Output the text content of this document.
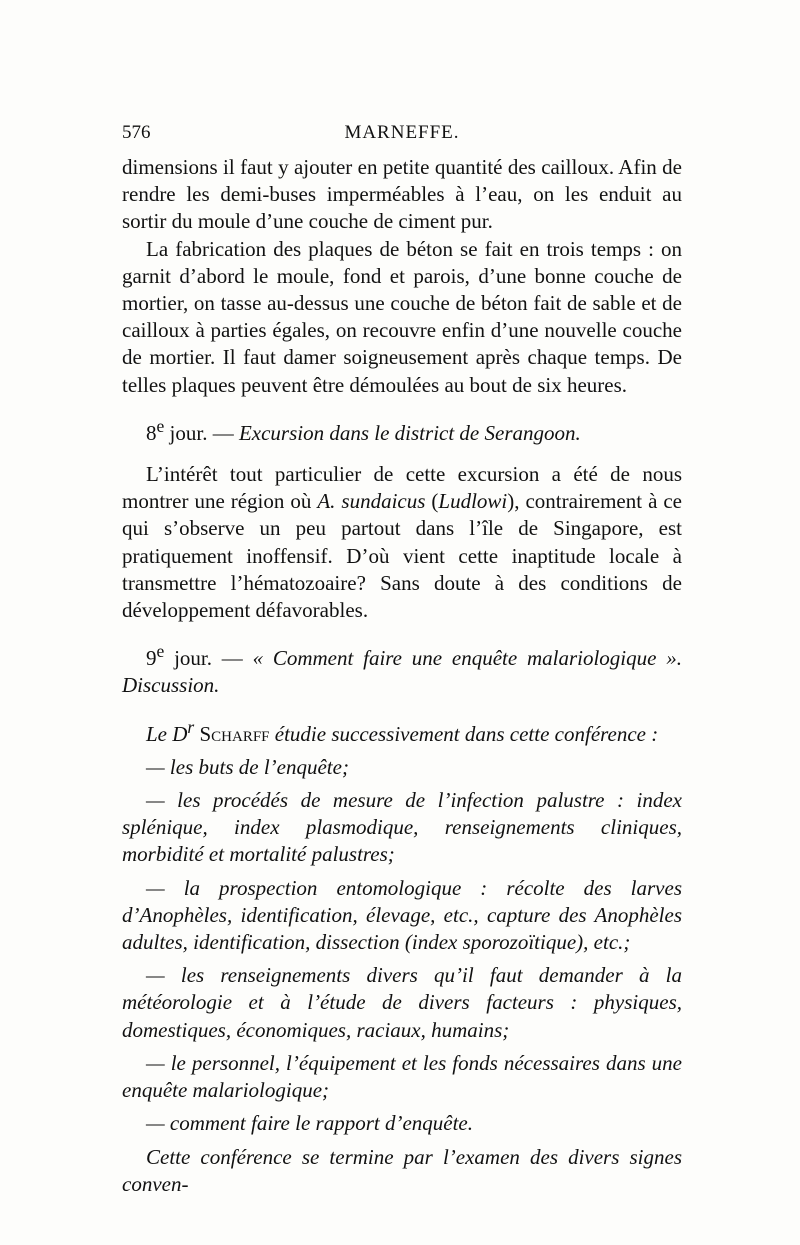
576	MARNEFFE.

dimensions il faut y ajouter en petite quantité des cailloux. Afin de rendre les demi-buses imperméables à l’eau, on les enduit au sortir du moule d’une couche de ciment pur.

La fabrication des plaques de béton se fait en trois temps : on garnit d’abord le moule, fond et parois, d’une bonne couche de mortier, on tasse au-dessus une couche de béton fait de sable et de cailloux à parties égales, on recouvre enfin d’une nouvelle couche de mortier. Il faut damer soigneusement après chaque temps. De telles plaques peuvent être démoulées au bout de six heures.

8e jour. — Excursion dans le district de Serangoon.

L’intérêt tout particulier de cette excursion a été de nous montrer une région où A. sundaicus (Ludlowi), contrairement à ce qui s’observe un peu partout dans l’île de Singapore, est pratiquement inoffensif. D’où vient cette inaptitude locale à transmettre l’hématozoaire? Sans doute à des conditions de développement défavorables.

9e jour. — « Comment faire une enquête malariologique ». Discussion.

Le $D^r$ Scharff étudie successivement dans cette conférence :

— les buts de l’enquête;

— les procédés de mesure de l’infection palustre : index splénique, index plasmodique, renseignements cliniques, morbidité et mortalité palustres;

— la prospection entomologique : récolte des larves d’Anophèles, identification, élevage, etc., capture des Anophèles adultes, identification, dissection (index sporozoïtique), etc.;

— les renseignements divers qu’il faut demander à la météorologie et à l’étude de divers facteurs : physiques, domestiques, économiques, raciaux, humains;

— le personnel, l’équipement et les fonds nécessaires dans une enquête malariologique;

— comment faire le rapport d’enquête.

Cette conférence se termine par l’examen des divers signes conven-
